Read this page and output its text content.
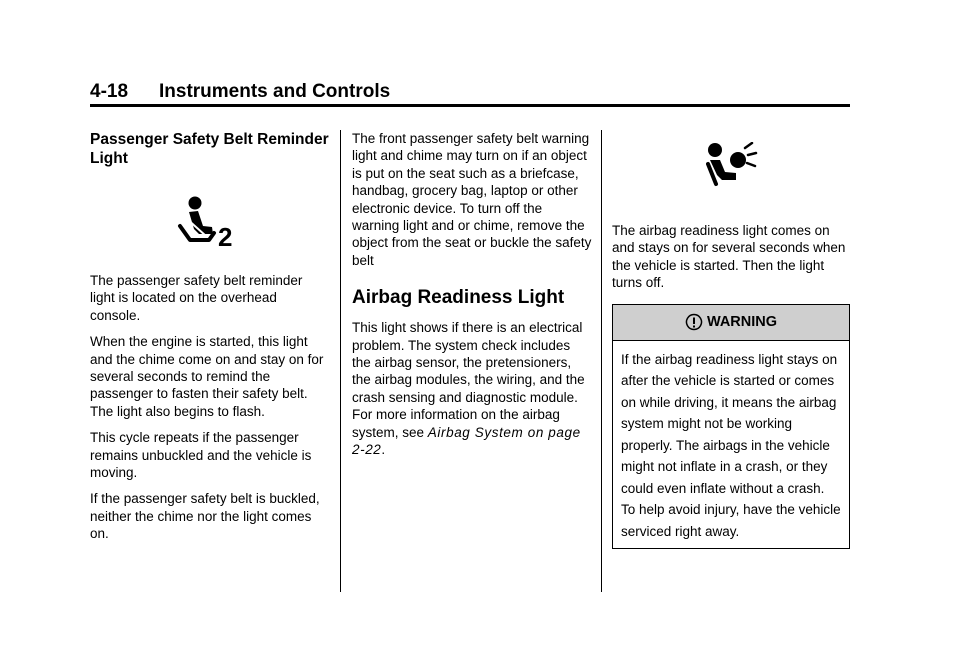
4-18 Instruments and Controls

Passenger Safety Belt Reminder Light

2

The passenger safety belt reminder light is located on the overhead console.

When the engine is started, this light and the chime come on and stay on for several seconds to remind the passenger to fasten their safety belt. The light also begins to flash.

This cycle repeats if the passenger remains unbuckled and the vehicle is moving.

If the passenger safety belt is buckled, neither the chime nor the light comes on.

The front passenger safety belt warning light and chime may turn on if an object is put on the seat such as a briefcase, handbag, grocery bag, laptop or other electronic device. To turn off the warning light and or chime, remove the object from the seat or buckle the safety belt

Airbag Readiness Light

This light shows if there is an electrical problem. The system check includes the airbag sensor, the pretensioners, the airbag modules, the wiring, and the crash sensing and diagnostic module. For more information on the airbag system, see Airbag System on page 2-22.

The airbag readiness light comes on and stays on for several seconds when the vehicle is started. Then the light turns off.

WARNING
If the airbag readiness light stays on after the vehicle is started or comes on while driving, it means the airbag system might not be working properly. The airbags in the vehicle might not inflate in a crash, or they could even inflate without a crash. To help avoid injury, have the vehicle serviced right away.
